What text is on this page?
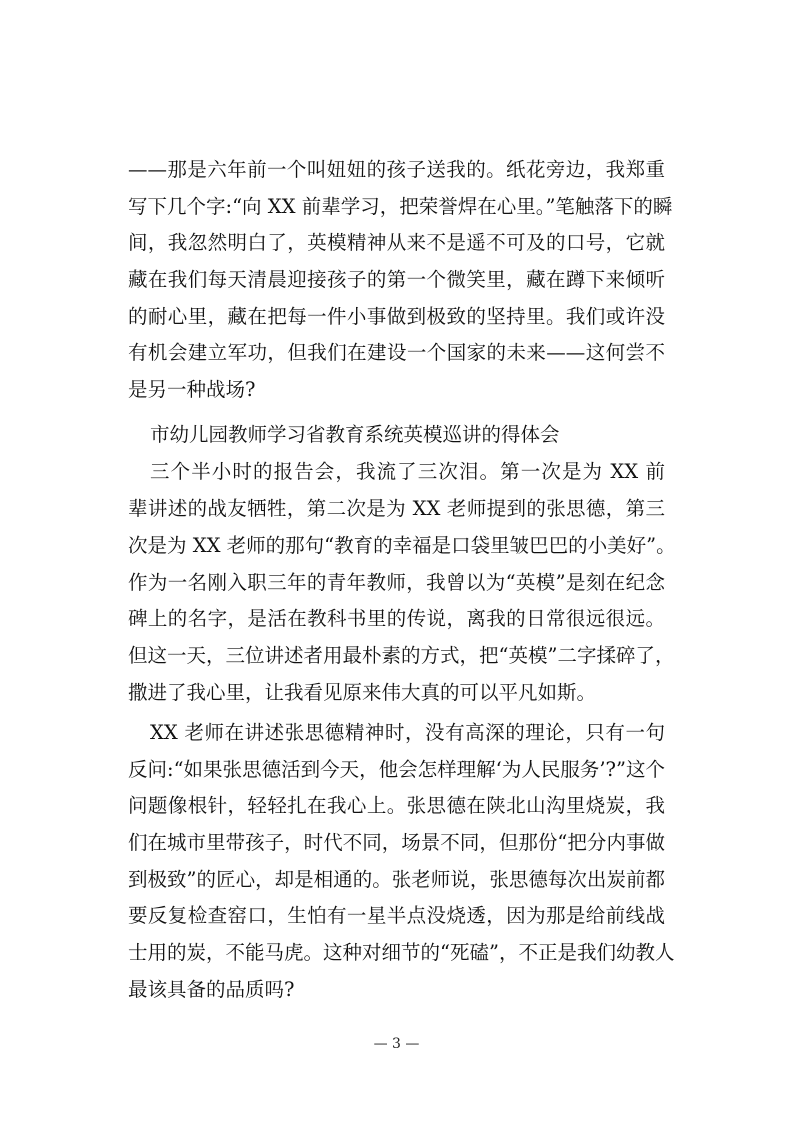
——那是六年前一个叫妞妞的孩子送我的。纸花旁边，我郑重
写下几个字:“向 XX 前辈学习，把荣誉焊在心里。”笔触落下的瞬
间，我忽然明白了，英模精神从来不是遥不可及的口号，它就
藏在我们每天清晨迎接孩子的第一个微笑里，藏在蹲下来倾听
的耐心里，藏在把每一件小事做到极致的坚持里。我们或许没
有机会建立军功，但我们在建设一个国家的未来——这何尝不
是另一种战场?
市幼儿园教师学习省教育系统英模巡讲的得体会
三个半小时的报告会，我流了三次泪。第一次是为 XX 前
辈讲述的战友牺牲，第二次是为 XX 老师提到的张思德，第三
次是为 XX 老师的那句“教育的幸福是口袋里皱巴巴的小美好”。
作为一名刚入职三年的青年教师，我曾以为“英模”是刻在纪念
碑上的名字，是活在教科书里的传说，离我的日常很远很远。
但这一天，三位讲述者用最朴素的方式，把“英模”二字揉碎了，
撒进了我心里，让我看见原来伟大真的可以平凡如斯。
XX 老师在讲述张思德精神时，没有高深的理论，只有一句
反问:“如果张思德活到今天，他会怎样理解‘为人民服务’?”这个
问题像根针，轻轻扎在我心上。张思德在陕北山沟里烧炭，我
们在城市里带孩子，时代不同，场景不同，但那份“把分内事做
到极致”的匠心，却是相通的。张老师说，张思德每次出炭前都
要反复检查窑口，生怕有一星半点没烧透，因为那是给前线战
士用的炭，不能马虎。这种对细节的“死磕”，不正是我们幼教人
最该具备的品质吗?
— 3 —
